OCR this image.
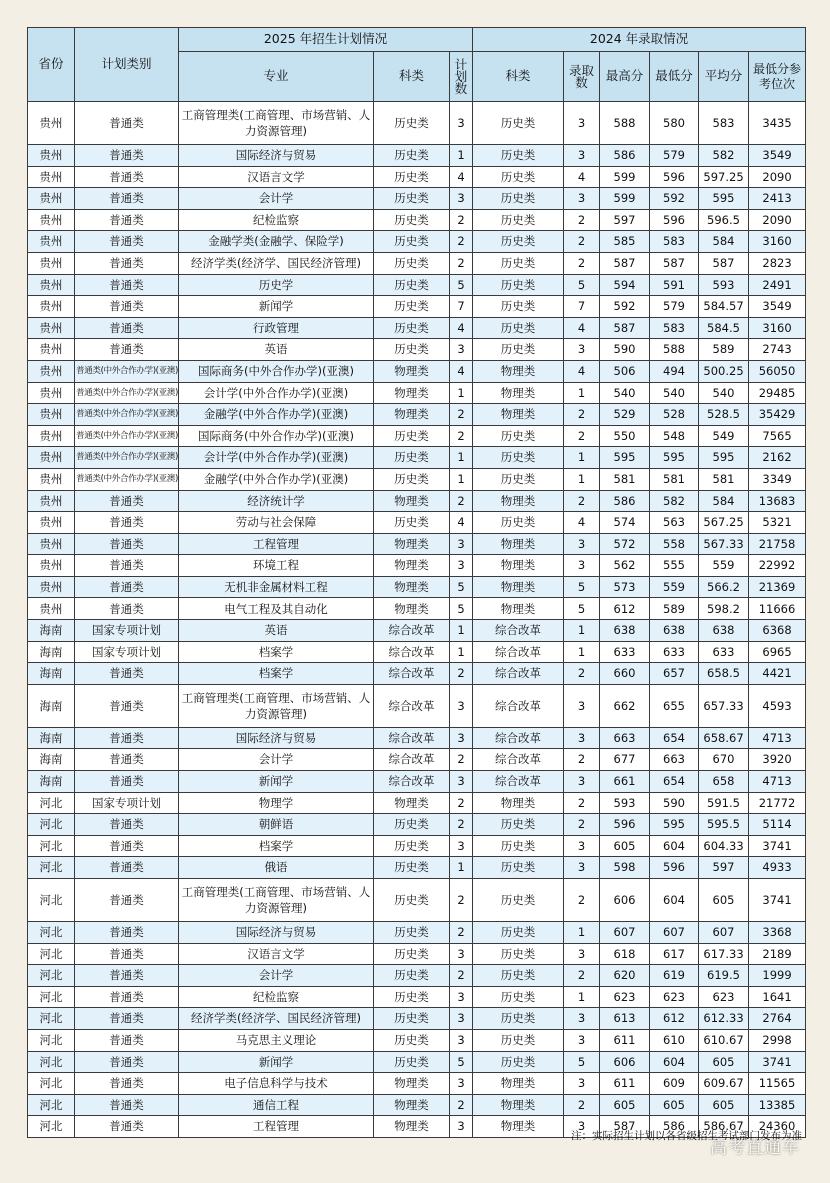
省份	计划类别	2025 年招生计划情况			2024 年录取情况					
		专业	科类	计划数	科类	录取数	最高分	最低分	平均分	最低分参考位次
贵州	普通类	工商管理类(工商管理、市场营销、人力资源管理)	历史类	3	历史类	3	588	580	583	3435
贵州	普通类	国际经济与贸易	历史类	1	历史类	3	586	579	582	3549
贵州	普通类	汉语言文学	历史类	4	历史类	4	599	596	597.25	2090
贵州	普通类	会计学	历史类	3	历史类	3	599	592	595	2413
贵州	普通类	纪检监察	历史类	2	历史类	2	597	596	596.5	2090
贵州	普通类	金融学类(金融学、保险学)	历史类	2	历史类	2	585	583	584	3160
贵州	普通类	经济学类(经济学、国民经济管理)	历史类	2	历史类	2	587	587	587	2823
贵州	普通类	历史学	历史类	5	历史类	5	594	591	593	2491
贵州	普通类	新闻学	历史类	7	历史类	7	592	579	584.57	3549
贵州	普通类	行政管理	历史类	4	历史类	4	587	583	584.5	3160
贵州	普通类	英语	历史类	3	历史类	3	590	588	589	2743
贵州	普通类(中外合作办学)(亚澳)	国际商务(中外合作办学)(亚澳)	物理类	4	物理类	4	506	494	500.25	56050
贵州	普通类(中外合作办学)(亚澳)	会计学(中外合作办学)(亚澳)	物理类	1	物理类	1	540	540	540	29485
贵州	普通类(中外合作办学)(亚澳)	金融学(中外合作办学)(亚澳)	物理类	2	物理类	2	529	528	528.5	35429
贵州	普通类(中外合作办学)(亚澳)	国际商务(中外合作办学)(亚澳)	历史类	2	历史类	2	550	548	549	7565
贵州	普通类(中外合作办学)(亚澳)	会计学(中外合作办学)(亚澳)	历史类	1	历史类	1	595	595	595	2162
贵州	普通类(中外合作办学)(亚澳)	金融学(中外合作办学)(亚澳)	历史类	1	历史类	1	581	581	581	3349
贵州	普通类	经济统计学	物理类	2	物理类	2	586	582	584	13683
贵州	普通类	劳动与社会保障	历史类	4	历史类	4	574	563	567.25	5321
贵州	普通类	工程管理	物理类	3	物理类	3	572	558	567.33	21758
贵州	普通类	环境工程	物理类	3	物理类	3	562	555	559	22992
贵州	普通类	无机非金属材料工程	物理类	5	物理类	5	573	559	566.2	21369
贵州	普通类	电气工程及其自动化	物理类	5	物理类	5	612	589	598.2	11666
海南	国家专项计划	英语	综合改革	1	综合改革	1	638	638	638	6368
海南	国家专项计划	档案学	综合改革	1	综合改革	1	633	633	633	6965
海南	普通类	档案学	综合改革	2	综合改革	2	660	657	658.5	4421
海南	普通类	工商管理类(工商管理、市场营销、人力资源管理)	综合改革	3	综合改革	3	662	655	657.33	4593
海南	普通类	国际经济与贸易	综合改革	3	综合改革	3	663	654	658.67	4713
海南	普通类	会计学	综合改革	2	综合改革	2	677	663	670	3920
海南	普通类	新闻学	综合改革	3	综合改革	3	661	654	658	4713
河北	国家专项计划	物理学	物理类	2	物理类	2	593	590	591.5	21772
河北	普通类	朝鲜语	历史类	2	历史类	2	596	595	595.5	5114
河北	普通类	档案学	历史类	3	历史类	3	605	604	604.33	3741
河北	普通类	俄语	历史类	1	历史类	3	598	596	597	4933
河北	普通类	工商管理类(工商管理、市场营销、人力资源管理)	历史类	2	历史类	2	606	604	605	3741
河北	普通类	国际经济与贸易	历史类	2	历史类	1	607	607	607	3368
河北	普通类	汉语言文学	历史类	3	历史类	3	618	617	617.33	2189
河北	普通类	会计学	历史类	2	历史类	2	620	619	619.5	1999
河北	普通类	纪检监察	历史类	3	历史类	1	623	623	623	1641
河北	普通类	经济学类(经济学、国民经济管理)	历史类	3	历史类	3	613	612	612.33	2764
河北	普通类	马克思主义理论	历史类	3	历史类	3	611	610	610.67	2998
河北	普通类	新闻学	历史类	5	历史类	5	606	604	605	3741
河北	普通类	电子信息科学与技术	物理类	3	物理类	3	611	609	609.67	11565
河北	普通类	通信工程	物理类	2	物理类	2	605	605	605	13385
河北	普通类	工程管理	物理类	3	物理类	3	587	586	586.67	24360
注：实际招生计划以各省级招生考试部门发布为准
高考直通车
